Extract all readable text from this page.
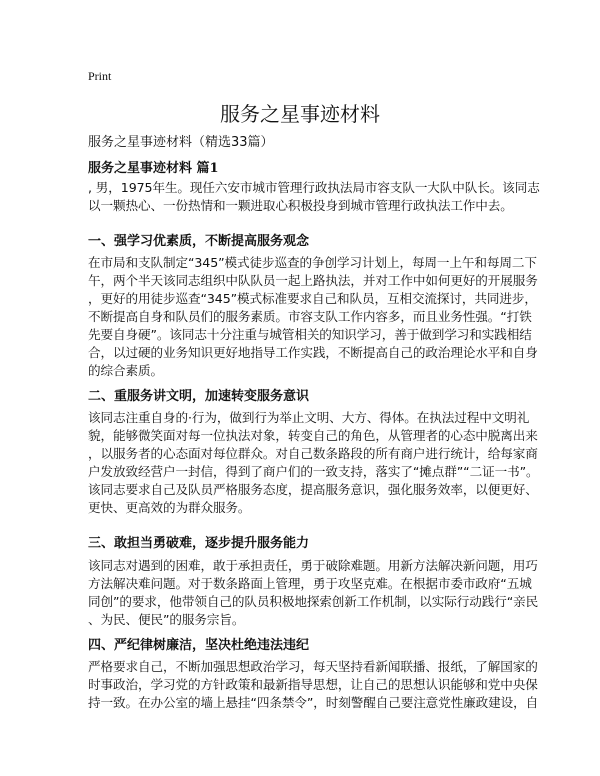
Print
服务之星事迹材料
服务之星事迹材料（精选33篇）
服务之星事迹材料 篇1
, 男，1975年生。现任六安市城市管理行政执法局市容支队一大队中队长。该同志
以一颗热心、一份热情和一颗进取心积极投身到城市管理行政执法工作中去。
一、强学习优素质，不断提高服务观念
在市局和支队制定“345”模式徒步巡查的争创学习计划上，每周一上午和每周二下
午，两个半天该同志组织中队队员一起上路执法，并对工作中如何更好的开展服务
，更好的用徒步巡查“345”模式标准要求自己和队员，互相交流探讨，共同进步，
不断提高自身和队员们的服务素质。市容支队工作内容多，而且业务性强。“打铁
先要自身硬”。该同志十分注重与城管相关的知识学习，善于做到学习和实践相结
合，以过硬的业务知识更好地指导工作实践，不断提高自己的政治理论水平和自身
的综合素质。
二、重服务讲文明，加速转变服务意识
该同志注重自身的·行为，做到行为举止文明、大方、得体。在执法过程中文明礼
貌，能够微笑面对每一位执法对象，转变自己的角色，从管理者的心态中脱离出来
，以服务者的心态面对每位群众。对自己数条路段的所有商户进行统计，给每家商
户发放致经营户一封信，得到了商户们的一致支持，落实了“摊点群”“二证一书”。
该同志要求自己及队员严格服务态度，提高服务意识，强化服务效率，以便更好、
更快、更高效的为群众服务。
三、敢担当勇破难，逐步提升服务能力
该同志对遇到的困难，敢于承担责任，勇于破除难题。用新方法解决新问题，用巧
方法解决难问题。对于数条路面上管理，勇于攻坚克难。在根据市委市政府“五城
同创”的要求，他带领自己的队员积极地探索创新工作机制，以实际行动践行“亲民
、为民、便民”的服务宗旨。
四、严纪律树廉洁，坚决杜绝违法违纪
严格要求自己，不断加强思想政治学习，每天坚持看新闻联播、报纸，了解国家的
时事政治，学习党的方针政策和最新指导思想，让自己的思想认识能够和党中央保
持一致。在办公室的墙上悬挂“四条禁令”，时刻警醒自己要注意党性廉政建设，自
